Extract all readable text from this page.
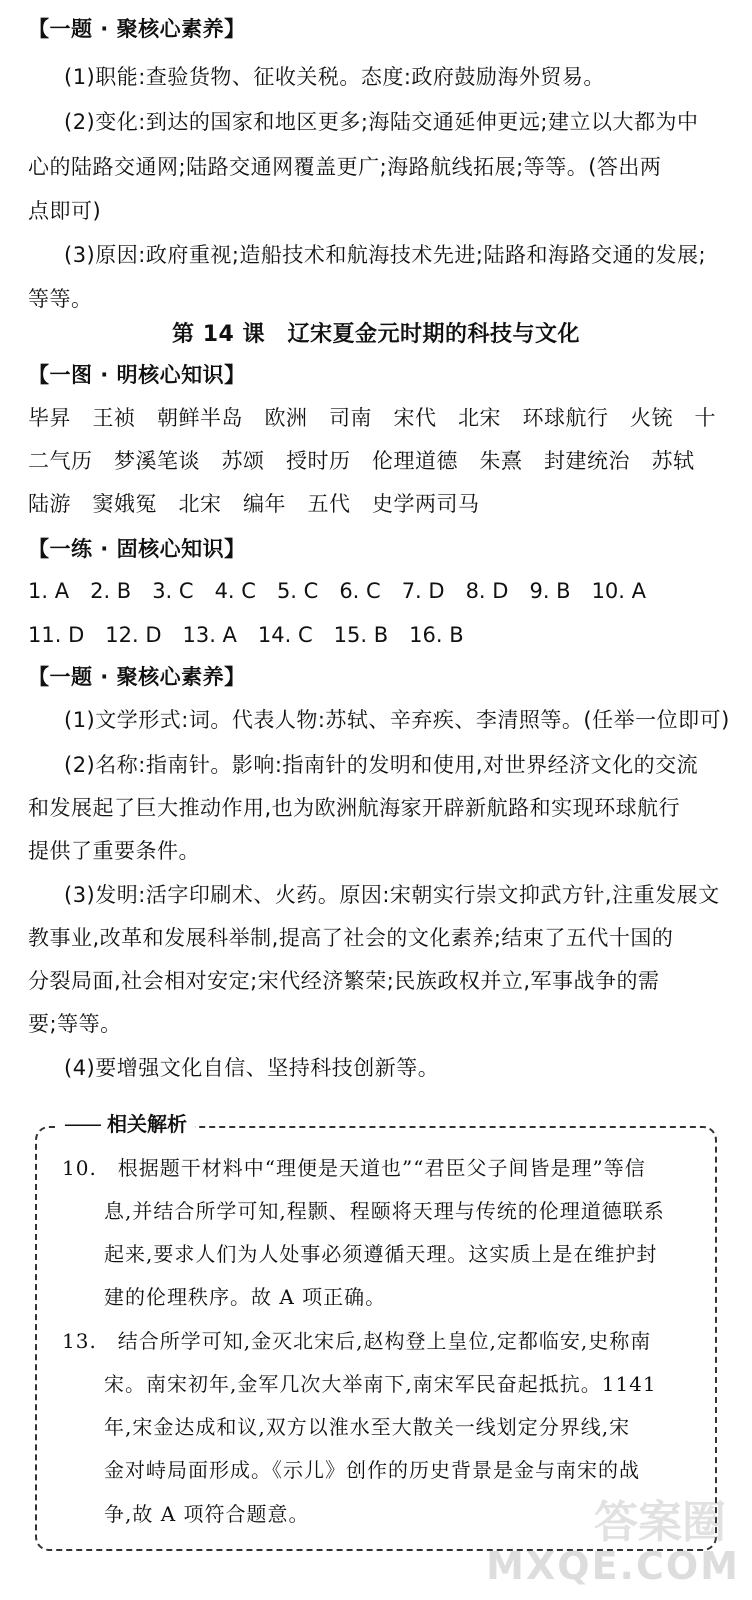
【一题 · 聚核心素养】
(1)职能:查验货物、征收关税。态度:政府鼓励海外贸易。
(2)变化:到达的国家和地区更多;海陆交通延伸更远;建立以大都为中
心的陆路交通网;陆路交通网覆盖更广;海路航线拓展;等等。(答出两
点即可)
(3)原因:政府重视;造船技术和航海技术先进;陆路和海路交通的发展;
等等。
第 14 课　辽宋夏金元时期的科技与文化
【一图 · 明核心知识】
毕昇　王祯　朝鲜半岛　欧洲　司南　宋代　北宋　环球航行　火铳　十
二气历　梦溪笔谈　苏颂　授时历　伦理道德　朱熹　封建统治　苏轼
陆游　窦娥冤　北宋　编年　五代　史学两司马
【一练 · 固核心知识】
1. A　2. B　3. C　4. C　5. C　6. C　7. D　8. D　9. B　10. A
11. D　12. D　13. A　14. C　15. B　16. B
【一题 · 聚核心素养】
(1)文学形式:词。代表人物:苏轼、辛弃疾、李清照等。(任举一位即可)
(2)名称:指南针。影响:指南针的发明和使用,对世界经济文化的交流
和发展起了巨大推动作用,也为欧洲航海家开辟新航路和实现环球航行
提供了重要条件。
(3)发明:活字印刷术、火药。原因:宋朝实行崇文抑武方针,注重发展文
教事业,改革和发展科举制,提高了社会的文化素养;结束了五代十国的
分裂局面,社会相对安定;宋代经济繁荣;民族政权并立,军事战争的需
要;等等。
(4)要增强文化自信、坚持科技创新等。
—— 相关解析
10.　根据题干材料中“理便是天道也”“君臣父子间皆是理”等信
息,并结合所学可知,程颢、程颐将天理与传统的伦理道德联系
起来,要求人们为人处事必须遵循天理。这实质上是在维护封
建的伦理秩序。故 A 项正确。
13.　结合所学可知,金灭北宋后,赵构登上皇位,定都临安,史称南
宋。南宋初年,金军几次大举南下,南宋军民奋起抵抗。1141
年,宋金达成和议,双方以淮水至大散关一线划定分界线,宋
金对峙局面形成。《示儿》创作的历史背景是金与南宋的战
争,故 A 项符合题意。	答案圈
MXQE.COM
